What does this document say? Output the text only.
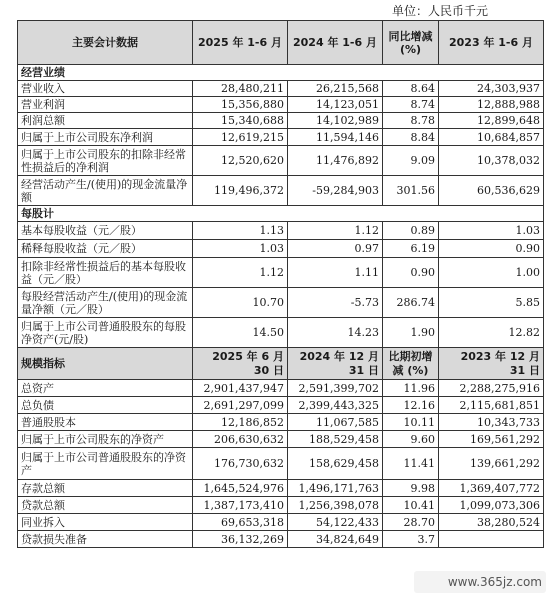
单位：人民币千元
主要会计数据	2025 年 1-6 月	2024 年 1-6 月	同比增减 (%)	2023 年 1-6 月
经营业绩				
营业收入	28,480,211	26,215,568	8.64	24,303,937
营业利润	15,356,880	14,123,051	8.74	12,888,988
利润总额	15,340,688	14,102,989	8.78	12,899,648
归属于上市公司股东净利润	12,619,215	11,594,146	8.84	10,684,857
归属于上市公司股东的扣除非经常性损益后的净利润	12,520,620	11,476,892	9.09	10,378,032
经营活动产生/(使用)的现金流量净额	119,496,372	-59,284,903	301.56	60,536,629
每股计				
基本每股收益（元／股）	1.13	1.12	0.89	1.03
稀释每股收益（元／股）	1.03	0.97	6.19	0.90
扣除非经常性损益后的基本每股收益（元／股）	1.12	1.11	0.90	1.00
每股经营活动产生/(使用)的现金流量净额（元／股）	10.70	-5.73	286.74	5.85
归属于上市公司普通股股东的每股净资产(元/股)	14.50	14.23	1.90	12.82
规模指标	2025 年 6 月 30 日	2024 年 12 月 31 日	比期初增减 (%)	2023 年 12 月 31 日
总资产	2,901,437,947	2,591,399,702	11.96	2,288,275,916
总负债	2,691,297,099	2,399,443,325	12.16	2,115,681,851
普通股股本	12,186,852	11,067,585	10.11	10,343,733
归属于上市公司股东的净资产	206,630,632	188,529,458	9.60	169,561,292
归属于上市公司普通股股东的净资产	176,730,632	158,629,458	11.41	139,661,292
存款总额	1,645,524,976	1,496,171,763	9.98	1,369,407,772
贷款总额	1,387,173,410	1,256,398,078	10.41	1,099,073,306
同业拆入	69,653,318	54,122,433	28.70	38,280,524
贷款损失准备	36,132,269	34,824,649	3.7	
www.365jz.com
